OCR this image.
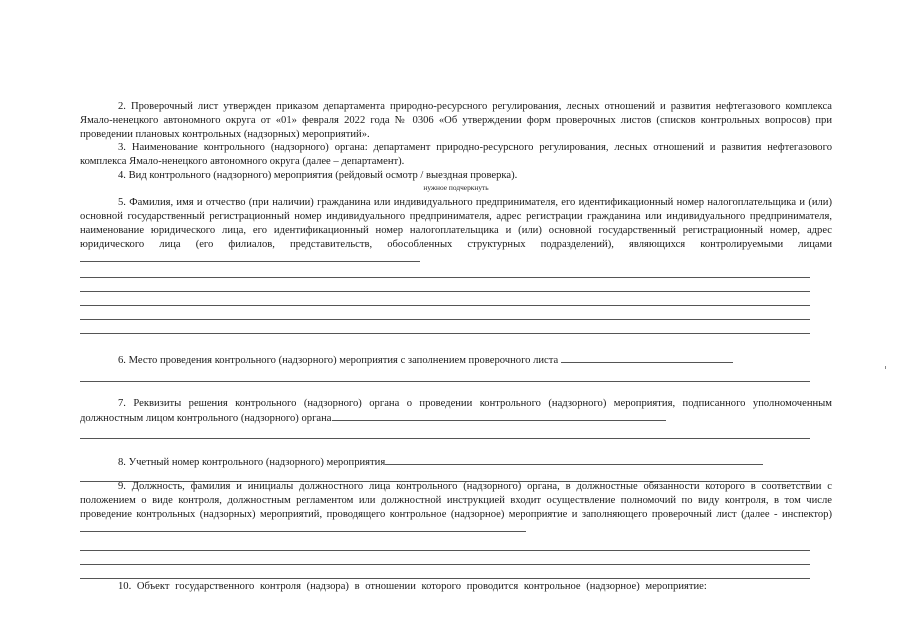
2. Проверочный лист утвержден приказом департамента природно-ресурсного регулирования, лесных отношений и развития нефтегазового комплекса Ямало-ненецкого автономного округа от «01» февраля 2022 года № 0306 «Об утверждении форм проверочных листов (списков контрольных вопросов) при проведении плановых контрольных (надзорных) мероприятий».
3. Наименование контрольного (надзорного) органа: департамент природно-ресурсного регулирования, лесных отношений и развития нефтегазового комплекса Ямало-ненецкого автономного округа (далее – департамент).
4. Вид контрольного (надзорного) мероприятия (рейдовый осмотр / выездная проверка).
нужное подчеркнуть
5. Фамилия, имя и отчество (при наличии) гражданина или индивидуального предпринимателя, его идентификационный номер налогоплательщика и (или) основной государственный регистрационный номер индивидуального предпринимателя, адрес регистрации гражданина или индивидуального предпринимателя, наименование юридического лица, его идентификационный номер налогоплательщика и (или) основной государственный регистрационный номер, адрес юридического лица (его филиалов, представительств, обособленных структурных подразделений), являющихся контролируемыми лицами
6. Место проведения контрольного (надзорного) мероприятия с заполнением проверочного листа
7. Реквизиты решения контрольного (надзорного) органа о проведении контрольного (надзорного) мероприятия, подписанного уполномоченным должностным лицом контрольного (надзорного) органа
8. Учетный номер контрольного (надзорного) мероприятия
9. Должность, фамилия и инициалы должностного лица контрольного (надзорного) органа, в должностные обязанности которого в соответствии с положением о виде контроля, должностным регламентом или должностной инструкцией входит осуществление полномочий по виду контроля, в том числе проведение контрольных (надзорных) мероприятий, проводящего контрольное (надзорное) мероприятие и заполняющего проверочный лист (далее - инспектор)
10. Объект государственного контроля (надзора) в отношении которого проводится контрольное (надзорное) мероприятие:
